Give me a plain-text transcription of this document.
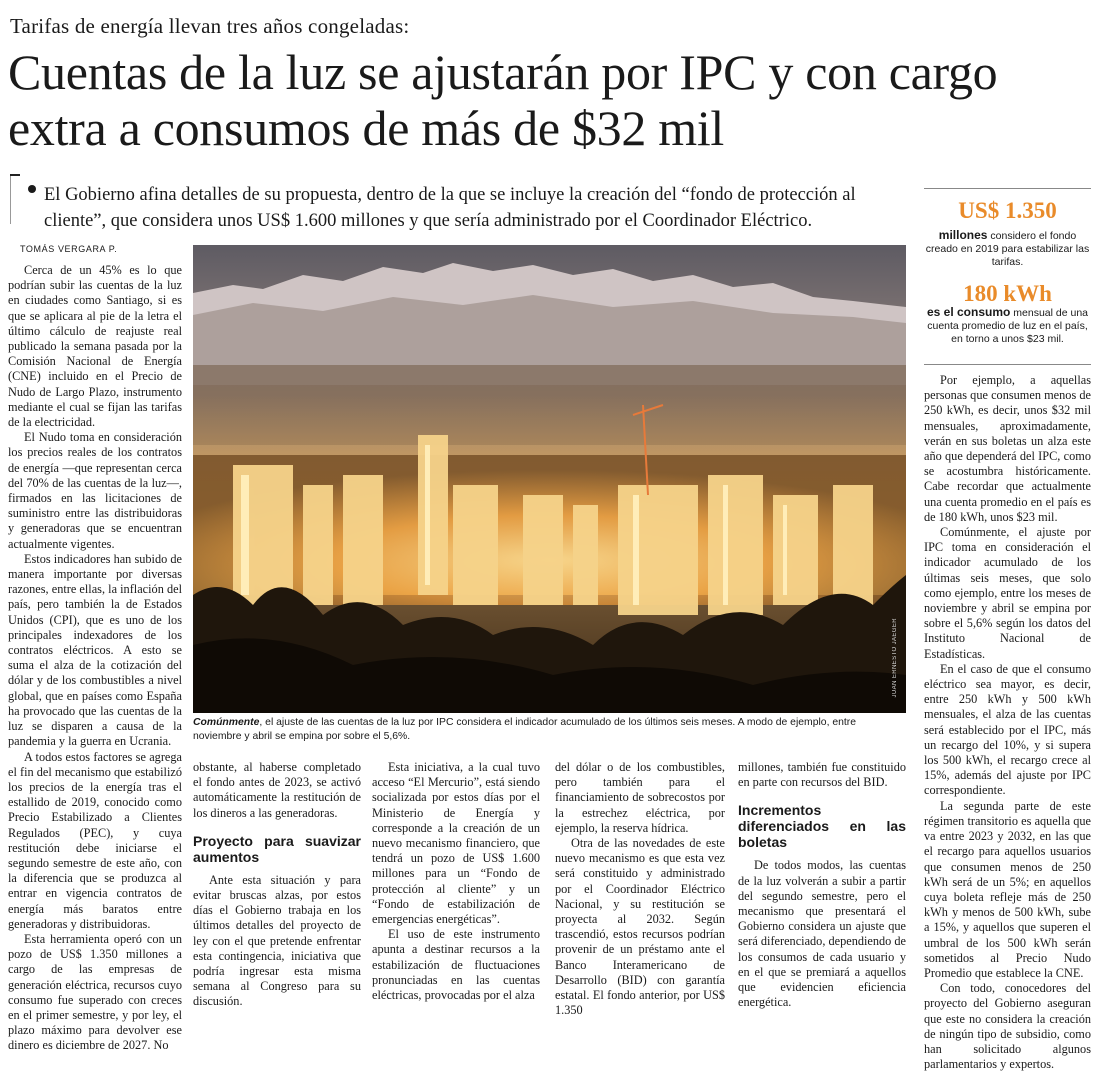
Tarifas de energía llevan tres años congeladas:
Cuentas de la luz se ajustarán por IPC y con cargo extra a consumos de más de $32 mil
El Gobierno afina detalles de su propuesta, dentro de la que se incluye la creación del “fondo de protección al cliente”, que considera unos US$ 1.600 millones y que sería administrado por el Coordinador Eléctrico.
TOMÁS VERGARA P.

Cerca de un 45% es lo que podrían subir las cuentas de la luz en ciudades como Santiago, si es que se aplicara al pie de la letra el último cálculo de reajuste real publicado la semana pasada por la Comisión Nacional de Energía (CNE) incluido en el Precio de Nudo de Largo Plazo, instrumento mediante el cual se fijan las tarifas de la electricidad.

El Nudo toma en consideración los precios reales de los contratos de energía —que representan cerca del 70% de las cuentas de la luz—, firmados en las licitaciones de suministro entre las distribuidoras y generadoras que se encuentran actualmente vigentes.

Estos indicadores han subido de manera importante por diversas razones, entre ellas, la inflación del país, pero también la de Estados Unidos (CPI), que es uno de los principales indexadores de los contratos eléctricos. A esto se suma el alza de la cotización del dólar y de los combustibles a nivel global, que en países como España ha provocado que las cuentas de la luz se disparen a causa de la pandemia y la guerra en Ucrania.

A todos estos factores se agrega el fin del mecanismo que estabilizó los precios de la energía tras el estallido de 2019, conocido como Precio Estabilizado a Clientes Regulados (PEC), y cuya restitución debe iniciarse el segundo semestre de este año, con la diferencia que se produzca al entrar en vigencia contratos de energía más baratos entre generadoras y distribuidoras.

Esta herramienta operó con un pozo de US$ 1.350 millones a cargo de las empresas de generación eléctrica, recursos cuyo consumo fue superado con creces en el primer semestre, y por ley, el plazo máximo para devolver ese dinero es diciembre de 2027. No

JUAN ERNESTO JAEGER
Comúnmente, el ajuste de las cuentas de la luz por IPC considera el indicador acumulado de los últimos seis meses. A modo de ejemplo, entre noviembre y abril se empina por sobre el 5,6%.

obstante, al haberse completado el fondo antes de 2023, se activó automáticamente la restitución de los dineros a las generadoras.

Proyecto para suavizar aumentos

Ante esta situación y para evitar bruscas alzas, por estos días el Gobierno trabaja en los últimos detalles del proyecto de ley con el que pretende enfrentar esta contingencia, iniciativa que podría ingresar esta misma semana al Congreso para su discusión.

Esta iniciativa, a la cual tuvo acceso “El Mercurio”, está siendo socializada por estos días por el Ministerio de Energía y corresponde a la creación de un nuevo mecanismo financiero, que tendrá un pozo de US$ 1.600 millones para un “Fondo de protección al cliente” y un “Fondo de estabilización de emergencias energéticas”.

El uso de este instrumento apunta a destinar recursos a la estabilización de fluctuaciones pronunciadas en las cuentas eléctricas, provocadas por el alza

del dólar o de los combustibles, pero también para el financiamiento de sobrecostos por la estrechez eléctrica, por ejemplo, la reserva hídrica.

Otra de las novedades de este nuevo mecanismo es que esta vez será constituido y administrado por el Coordinador Eléctrico Nacional, y su restitución se proyecta al 2032. Según trascendió, estos recursos podrían provenir de un préstamo ante el Banco Interamericano de Desarrollo (BID) con garantía estatal. El fondo anterior, por US$ 1.350

millones, también fue constituido en parte con recursos del BID.

Incrementos diferenciados en las boletas

De todos modos, las cuentas de la luz volverán a subir a partir del segundo semestre, pero el mecanismo que presentará el Gobierno considera un ajuste que será diferenciado, dependiendo de los consumos de cada usuario y en el que se premiará a aquellos que evidencien eficiencia energética.

US$ 1.350
millones considero el fondo creado en 2019 para estabilizar las tarifas.
180 kWh
es el consumo mensual de una cuenta promedio de luz en el país, en torno a unos $23 mil.

Por ejemplo, a aquellas personas que consumen menos de 250 kWh, es decir, unos $32 mil mensuales, aproximadamente, verán en sus boletas un alza este año que dependerá del IPC, como se acostumbra históricamente. Cabe recordar que actualmente una cuenta promedio en el país es de 180 kWh, unos $23 mil.

Comúnmente, el ajuste por IPC toma en consideración el indicador acumulado de los últimas seis meses, que solo como ejemplo, entre los meses de noviembre y abril se empina por sobre el 5,6% según los datos del Instituto Nacional de Estadísticas.

En el caso de que el consumo eléctrico sea mayor, es decir, entre 250 kWh y 500 kWh mensuales, el alza de las cuentas será establecido por el IPC, más un recargo del 10%, y si supera los 500 kWh, el recargo crece al 15%, además del ajuste por IPC correspondiente.

La segunda parte de este régimen transitorio es aquella que va entre 2023 y 2032, en las que el recargo para aquellos usuarios que consumen menos de 250 kWh será de un 5%; en aquellos cuya boleta refleje más de 250 kWh y menos de 500 kWh, sube a 15%, y aquellos que superen el umbral de los 500 kWh serán sometidos al Precio Nudo Promedio que establece la CNE.

Con todo, conocedores del proyecto del Gobierno aseguran que este no considera la creación de ningún tipo de subsidio, como han solicitado algunos parlamentarios y expertos.
